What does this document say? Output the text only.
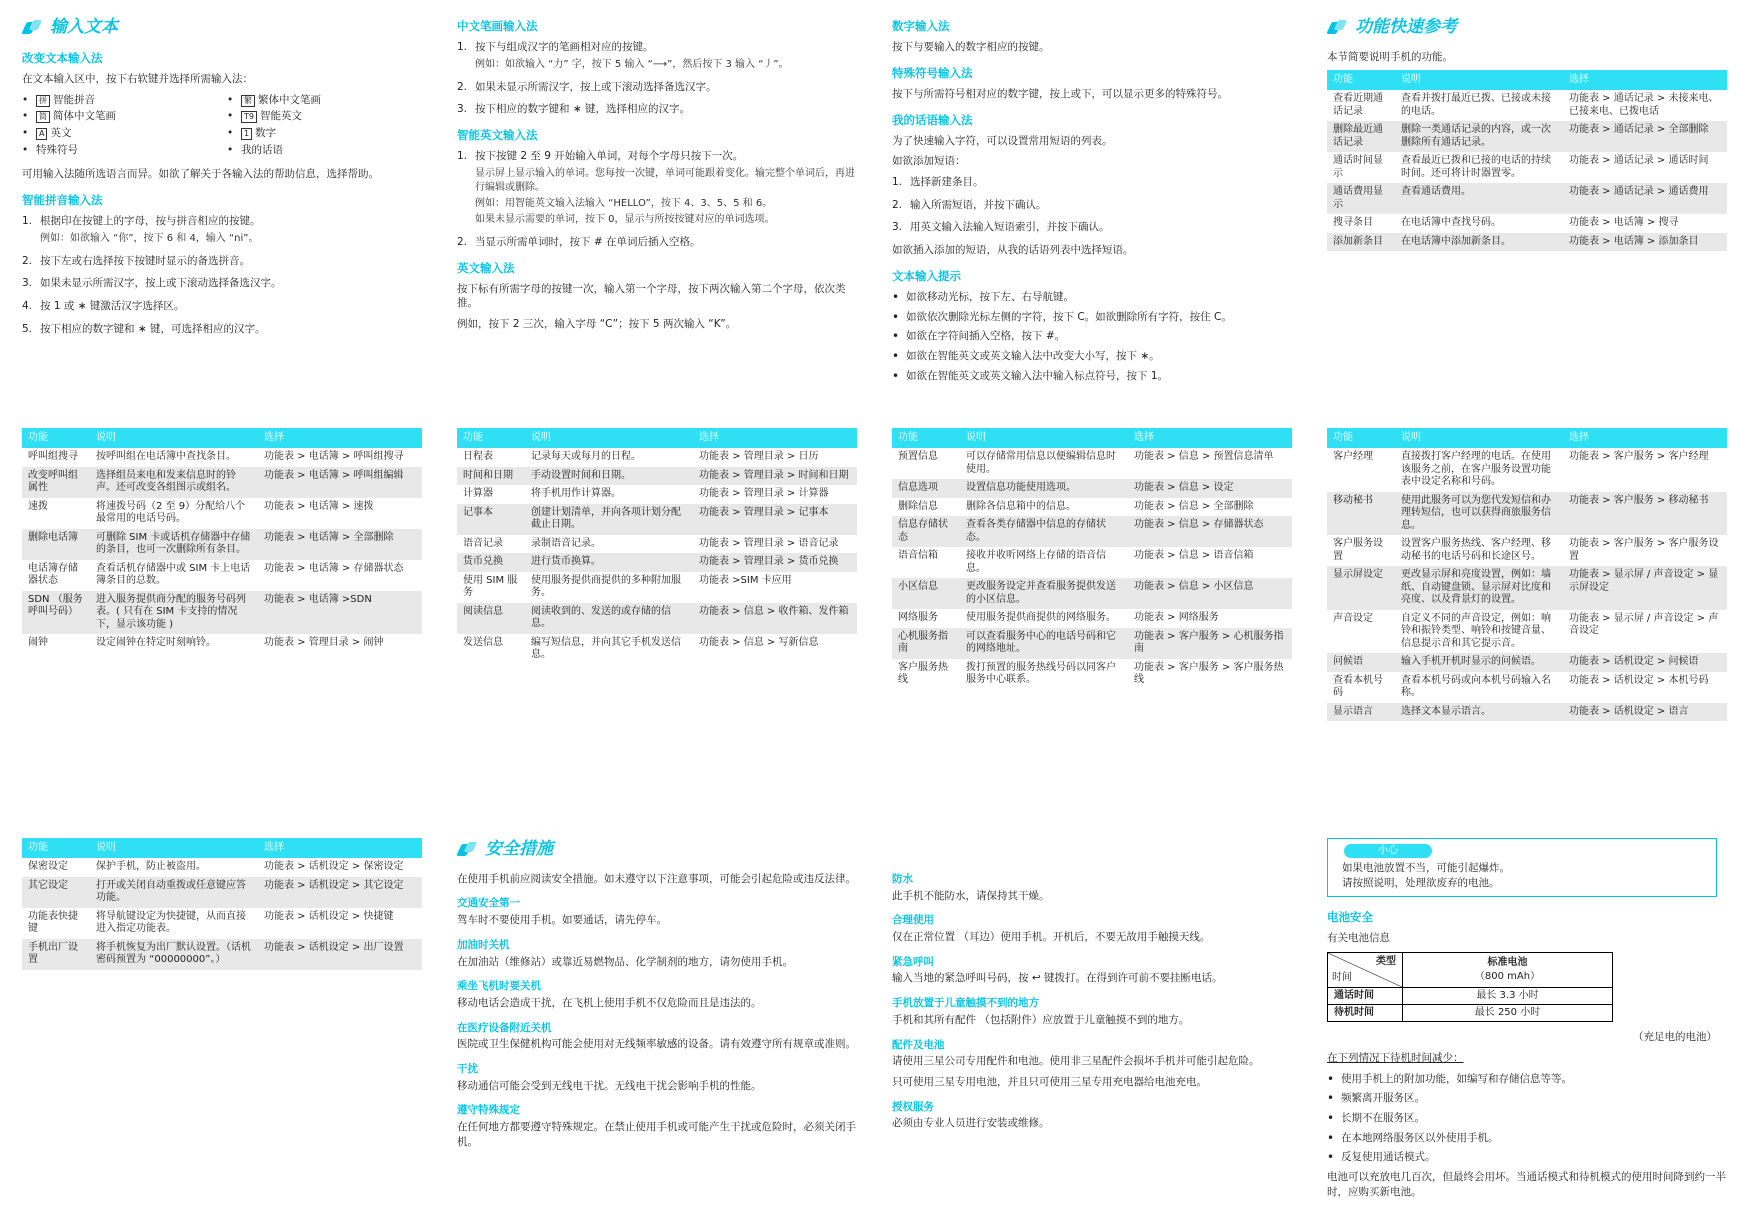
输入文本
改变文本输入法

在文本输入区中，按下右软键并选择所需输入法：

• 拼 智能拼音	• 繁 繁体中文笔画
• 简 简体中文笔画	• T9 智能英文
• A 英文	• 1 数字
• 特殊符号	• 我的话语

可用输入法随所选语言而异。如欲了解关于各输入法的帮助信息，选择帮助。

智能拼音输入法
1. 根据印在按键上的字母，按与拼音相应的按键。
例如：如欲输入 “你”，按下 6 和 4，输入 “ni”。
2. 按下左或右选择按下按键时显示的备选拼音。
3. 如果未显示所需汉字，按上或下滚动选择备选汉字。
4. 按 1 或 ∗ 键激活汉字选择区。
5. 按下相应的数字键和 ∗ 键，可选择相应的汉字。
中文笔画输入法
1. 按下与组成汉字的笔画相对应的按键。
例如：如欲输入 “力” 字，按下 5 输入 “⟶”，然后按下 3 输入 “丿”。
2. 如果未显示所需汉字，按上或下滚动选择备选汉字。
3. 按下相应的数字键和 ∗ 键，选择相应的汉字。
智能英文输入法
1. 按下按键 2 至 9 开始输入单词，对每个字母只按下一次。
显示屏上显示输入的单词。您每按一次键，单词可能跟着变化。输完整个单词后，再进行编辑或删除。
例如：用智能英文输入法输入 “HELLO”，按下 4、3、5、5 和 6。
如果未显示需要的单词，按下 0，显示与所按按键对应的单词选项。
2. 当显示所需单词时，按下 # 在单词后插入空格。
英文输入法

按下标有所需字母的按键一次，输入第一个字母，按下两次输入第二个字母，依次类推。

例如，按下 2 三次，输入字母 “C”；按下 5 两次输入 “K”。

数字输入法

按下与要输入的数字相应的按键。

特殊符号输入法

按下与所需符号相对应的数字键，按上或下，可以显示更多的特殊符号。

我的话语输入法

为了快速输入字符，可以设置常用短语的列表。

如欲添加短语：

1. 选择新建条目。
2. 输入所需短语，并按下确认。
3. 用英文输入法输入短语索引，并按下确认。

如欲插入添加的短语，从我的话语列表中选择短语。

文本输入提示
• 如欲移动光标，按下左、右导航键。
• 如欲依次删除光标左侧的字符，按下 C。如欲删除所有字符，按住 C。
• 如欲在字符间插入空格，按下 #。
• 如欲在智能英文或英文输入法中改变大小写，按下 ∗。
• 如欲在智能英文或英文输入法中输入标点符号，按下 1。
功能快速参考

本节简要说明手机的功能。

功能	说明	选择
查看近期通话记录	查看并拨打最近已拨、已接或未接的电话。	功能表 > 通话记录 > 未接来电、已接来电、已拨电话
删除最近通话记录	删除一类通话记录的内容，或一次删除所有通话记录。	功能表 > 通话记录 > 全部删除
通话时间显示	查看最近已拨和已接的电话的持续时间。还可将计时器置零。	功能表 > 通话记录 > 通话时间
通话费用显示	查看通话费用。	功能表 > 通话记录 > 通话费用
搜寻条目	在电话簿中查找号码。	功能表 > 电话簿 > 搜寻
添加新条目	在电话簿中添加新条目。	功能表 > 电话簿 > 添加条目
功能	说明	选择
呼叫组搜寻	按呼叫组在电话簿中查找条目。	功能表 > 电话簿 > 呼叫组搜寻
改变呼叫组属性	选择组员来电和发来信息时的铃声。还可改变各组图示或组名。	功能表 > 电话簿 > 呼叫组编辑
速拨	将速拨号码（2 至 9）分配给八个最常用的电话号码。	功能表 > 电话簿 > 速拨
删除电话簿	可删除 SIM 卡或话机存储器中存储的条目，也可一次删除所有条目。	功能表 > 电话簿 > 全部删除
电话簿存储器状态	查看话机存储器中或 SIM 卡上电话簿条目的总数。	功能表 > 电话簿 > 存储器状态
SDN （服务呼叫号码）	进入服务提供商分配的服务号码列表。( 只有在 SIM 卡支持的情况下，显示该功能 )	功能表 > 电话簿 >SDN
闹钟	设定闹钟在特定时刻响铃。	功能表 > 管理目录 > 闹钟
功能	说明	选择
日程表	记录每天或每月的日程。	功能表 > 管理目录 > 日历
时间和日期	手动设置时间和日期。	功能表 > 管理目录 > 时间和日期
计算器	将手机用作计算器。	功能表 > 管理目录 > 计算器
记事本	创建计划清单，并向各项计划分配截止日期。	功能表 > 管理目录 > 记事本
语音记录	录制语音记录。	功能表 > 管理目录 > 语音记录
货币兑换	进行货币换算。	功能表 > 管理目录 > 货币兑换
使用 SIM 服务	使用服务提供商提供的多种附加服务。	功能表 >SIM 卡应用
阅读信息	阅读收到的、发送的或存储的信息。	功能表 > 信息 > 收件箱、发件箱
发送信息	编写短信息，并向其它手机发送信息。	功能表 > 信息 > 写新信息
功能	说明	选择
预置信息	可以存储常用信息以便编辑信息时使用。	功能表 > 信息 > 预置信息清单
信息选项	设置信息功能使用选项。	功能表 > 信息 > 设定
删除信息	删除各信息箱中的信息。	功能表 > 信息 > 全部删除
信息存储状态	查看各类存储器中信息的存储状态。	功能表 > 信息 > 存储器状态
语音信箱	接收并收听网络上存储的语音信息。	功能表 > 信息 > 语音信箱
小区信息	更改服务设定并查看服务提供发送的小区信息。	功能表 > 信息 > 小区信息
网络服务	使用服务提供商提供的网络服务。	功能表 > 网络服务
心机服务指南	可以查看服务中心的电话号码和它的网络地址。	功能表 > 客户服务 > 心机服务指南
客户服务热线	拨打预置的服务热线号码以同客户服务中心联系。	功能表 > 客户服务 > 客户服务热线
功能	说明	选择
客户经理	直接拨打客户经理的电话。在使用该服务之前，在客户服务设置功能表中设定名称和号码。	功能表 > 客户服务 > 客户经理
移动秘书	使用此服务可以为您代发短信和办理转短信，也可以获得商旅服务信息。	功能表 > 客户服务 > 移动秘书
客户服务设置	设置客户服务热线、客户经理、移动秘书的电话号码和长途区号。	功能表 > 客户服务 > 客户服务设置
显示屏设定	更改显示屏和亮度设置，例如：墙纸、自动键盘锁、显示屏对比度和亮度、以及背景灯的设置。	功能表 > 显示屏 / 声音设定 > 显示屏设定
声音设定	自定义不同的声音设定，例如：响铃和振铃类型、响铃和按键音量、信息提示音和其它提示音。	功能表 > 显示屏 / 声音设定 > 声音设定
问候语	输入手机开机时显示的问候语。	功能表 > 话机设定 > 问候语
查看本机号码	查看本机号码或向本机号码输入名称。	功能表 > 话机设定 > 本机号码
显示语言	选择文本显示语言。	功能表 > 话机设定 > 语言
功能	说明	选择
保密设定	保护手机，防止被盗用。	功能表 > 话机设定 > 保密设定
其它设定	打开或关闭自动重拨或任意键应答功能。	功能表 > 话机设定 > 其它设定
功能表快捷键	将导航键设定为快捷键，从而直接进入指定功能表。	功能表 > 话机设定 > 快捷键
手机出厂设置	将手机恢复为出厂默认设置。（话机密码预置为 “00000000”。）	功能表 > 话机设定 > 出厂设置
安全措施

在使用手机前应阅读安全措施。如未遵守以下注意事项，可能会引起危险或违反法律。

交通安全第一

驾车时不要使用手机。如要通话，请先停车。

加油时关机

在加油站（维修站）或靠近易燃物品、化学制剂的地方，请勿使用手机。

乘坐飞机时要关机

移动电话会造成干扰，在飞机上使用手机不仅危险而且是违法的。

在医疗设备附近关机

医院或卫生保健机构可能会使用对无线频率敏感的设备。请有效遵守所有规章或准则。

干扰

移动通信可能会受到无线电干扰。无线电干扰会影响手机的性能。

遵守特殊规定

在任何地方都要遵守特殊规定。在禁止使用手机或可能产生干扰或危险时，必须关闭手机。

防水

此手机不能防水，请保持其干燥。

合理使用

仅在正常位置 （耳边）使用手机。开机后，不要无故用手触摸天线。

紧急呼叫

输入当地的紧急呼叫号码，按 ↩ 键拨打。在得到许可前不要挂断电话。

手机放置于儿童触摸不到的地方

手机和其所有配件 （包括附件）应放置于儿童触摸不到的地方。

配件及电池

请使用三星公司专用配件和电池。使用非三星配件会损坏手机并可能引起危险。

只可使用三星专用电池，并且只可使用三星专用充电器给电池充电。

授权服务

必须由专业人员进行安装或维修。

小心
如果电池放置不当，可能引起爆炸。
请按照说明，处理欲废弃的电池。
电池安全

有关电池信息

类型
时间	标准电池
（800 mAh）
通话时间	最长 3.3 小时
待机时间	最长 250 小时

（充足电的电池）

在下列情况下待机时间减少：

• 使用手机上的附加功能，如编写和存储信息等等。
• 频繁离开服务区。
• 长期不在服务区。
• 在本地网络服务区以外使用手机。
• 反复使用通话模式。

电池可以充放电几百次，但最终会用坏。当通话模式和待机模式的使用时间降到约一半时，应购买新电池。
